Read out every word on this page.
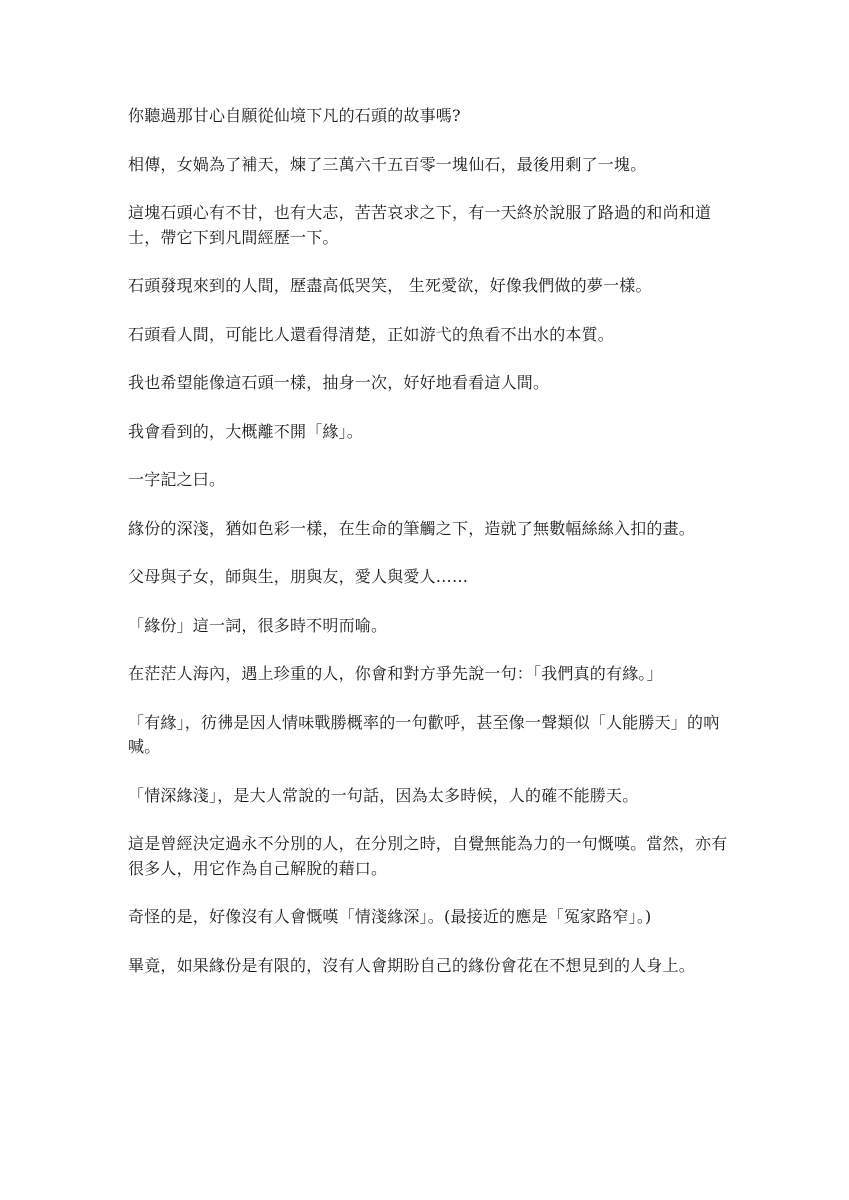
你聽過那甘心自願從仙境下凡的石頭的故事嗎?

相傳，女媧為了補天，煉了三萬六千五百零一塊仙石，最後用剩了一塊。

這塊石頭心有不甘，也有大志，苦苦哀求之下，有一天終於說服了路過的和尚和道士，帶它下到凡間經歷一下。

石頭發現來到的人間，歷盡高低哭笑， 生死愛欲，好像我們做的夢一樣。

石頭看人間，可能比人還看得清楚，正如游弋的魚看不出水的本質。

我也希望能像這石頭一樣，抽身一次，好好地看看這人間。

我會看到的，大概離不開「緣」。

一字記之曰。

緣份的深淺，猶如色彩一樣，在生命的筆觸之下，造就了無數幅絲絲入扣的畫。

父母與子女，師與生，朋與友，愛人與愛人……

「緣份」這一詞，很多時不明而喻。

在茫茫人海內，遇上珍重的人，你會和對方爭先說一句：「我們真的有緣。」

「有緣」，彷彿是因人情味戰勝概率的一句歡呼，甚至像一聲類似「人能勝天」的吶喊。

「情深緣淺」，是大人常說的一句話，因為太多時候，人的確不能勝天。

這是曾經決定過永不分別的人，在分別之時，自覺無能為力的一句慨嘆。當然，亦有很多人，用它作為自己解脫的藉口。

奇怪的是，好像沒有人會慨嘆「情淺緣深」。(最接近的應是「冤家路窄」。)

畢竟，如果緣份是有限的，沒有人會期盼自己的緣份會花在不想見到的人身上。
